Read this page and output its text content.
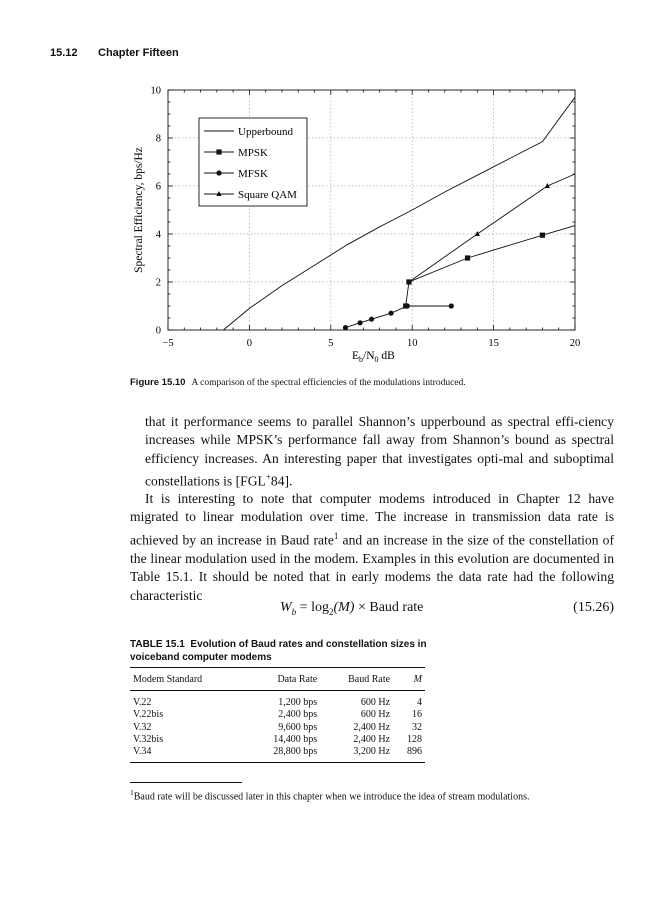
15.12 Chapter Fifteen
−5	0	5	10	15	20
0
2
4
6
8
10
Spectral Efficiency, bps/Hz
$E_b/N_0$ dB
Upperbound
MPSK
MFSK
Square QAM
Figure 15.10 A comparison of the spectral efficiencies of the modulations introduced.
that it performance seems to parallel Shannon’s upperbound as spectral effi-ciency increases while MPSK’s performance fall away from Shannon’s bound as spectral efficiency increases. An interesting paper that investigates opti-mal and suboptimal constellations is [FGL+84].
It is interesting to note that computer modems introduced in Chapter 12 have migrated to linear modulation over time. The increase in transmission data rate is achieved by an increase in Baud rate$^1$ and an increase in the size of the constellation of the linear modulation used in the modem. Examples in this evolution are documented in Table 15.1. It should be noted that in early modems the data rate had the following characteristic
$W_b = \log_2(M)$ × Baud rate	(15.26)
TABLE 15.1 Evolution of Baud rates and constellation sizes in voiceband computer modems
Modem Standard	Data Rate	Baud Rate	M
V.22	1,200 bps	600 Hz	4
V.22bis	2,400 bps	600 Hz	16
V.32	9,600 bps	2,400 Hz	32
V.32bis	14,400 bps	2,400 Hz	128
V.34	28,800 bps	3,200 Hz	896
$^1$Baud rate will be discussed later in this chapter when we introduce the idea of stream modulations.
